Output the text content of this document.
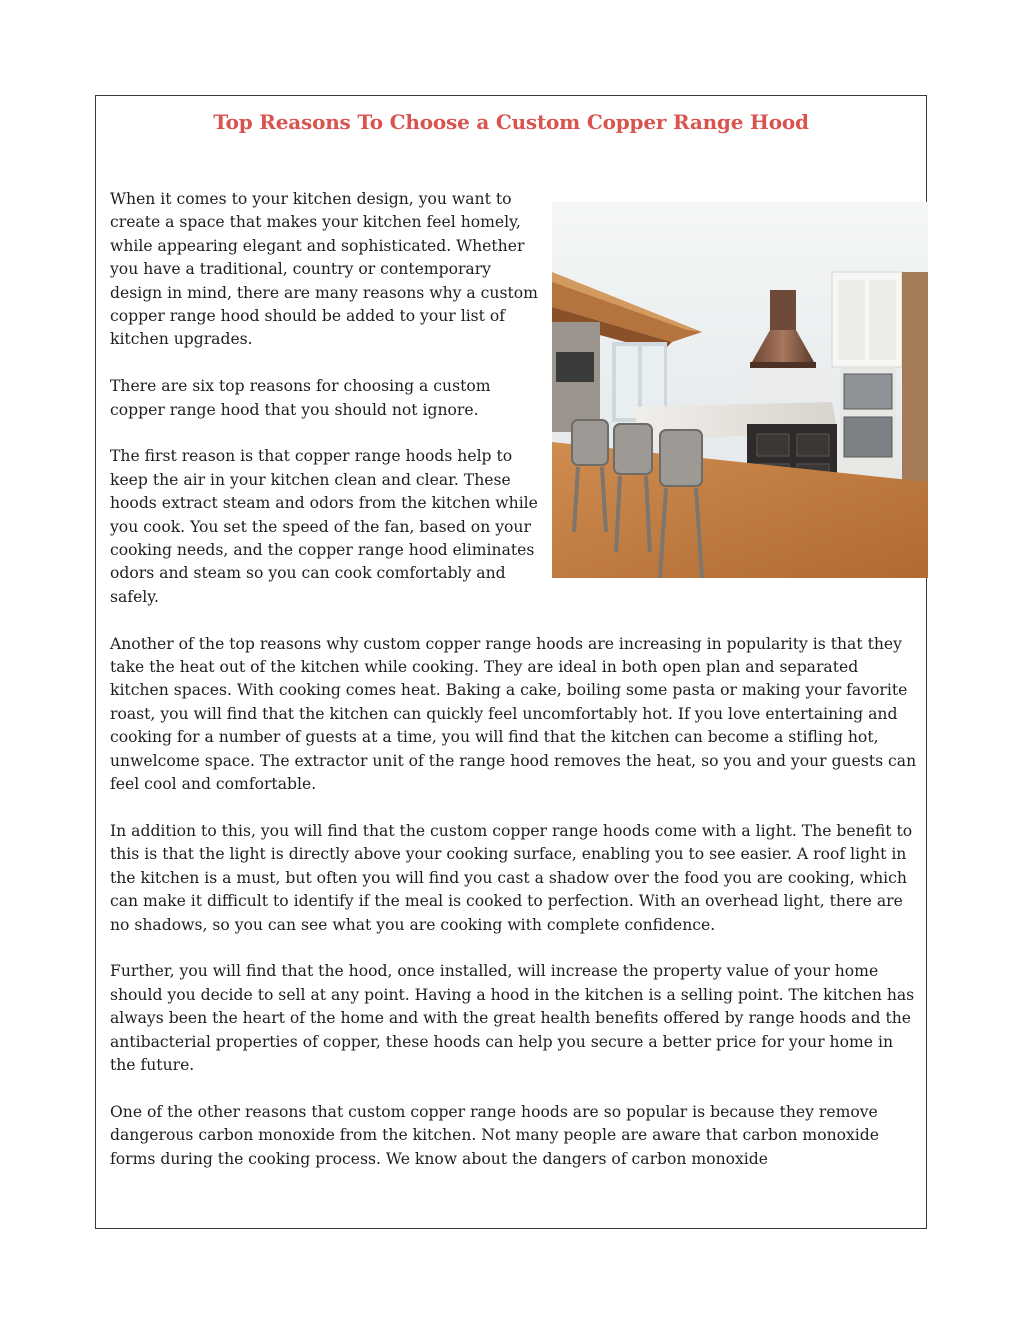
Top Reasons To Choose a Custom Copper Range Hood

When it comes to your kitchen design, you want to create a space that makes your kitchen feel homely, while appearing elegant and sophisticated. Whether you have a traditional, country or contemporary design in mind, there are many reasons why a custom copper range hood should be added to your list of kitchen upgrades.

There are six top reasons for choosing a custom copper range hood that you should not ignore.

The first reason is that copper range hoods help to keep the air in your kitchen clean and clear. These hoods extract steam and odors from the kitchen while you cook. You set the speed of the fan, based on your cooking needs, and the copper range hood eliminates odors and steam so you can cook comfortably and safely.

Another of the top reasons why custom copper range hoods are increasing in popularity is that they take the heat out of the kitchen while cooking. They are ideal in both open plan and separated kitchen spaces. With cooking comes heat. Baking a cake, boiling some pasta or making your favorite roast, you will find that the kitchen can quickly feel uncomfortably hot. If you love entertaining and cooking for a number of guests at a time, you will find that the kitchen can become a stifling hot, unwelcome space. The extractor unit of the range hood removes the heat, so you and your guests can feel cool and comfortable.

In addition to this, you will find that the custom copper range hoods come with a light. The benefit to this is that the light is directly above your cooking surface, enabling you to see easier. A roof light in the kitchen is a must, but often you will find you cast a shadow over the food you are cooking, which can make it difficult to identify if the meal is cooked to perfection. With an overhead light, there are no shadows, so you can see what you are cooking with complete confidence.

Further, you will find that the hood, once installed, will increase the property value of your home should you decide to sell at any point. Having a hood in the kitchen is a selling point. The kitchen has always been the heart of the home and with the great health benefits offered by range hoods and the antibacterial properties of copper, these hoods can help you secure a better price for your home in the future.

One of the other reasons that custom copper range hoods are so popular is because they remove dangerous carbon monoxide from the kitchen. Not many people are aware that carbon monoxide forms during the cooking process. We know about the dangers of carbon monoxide
